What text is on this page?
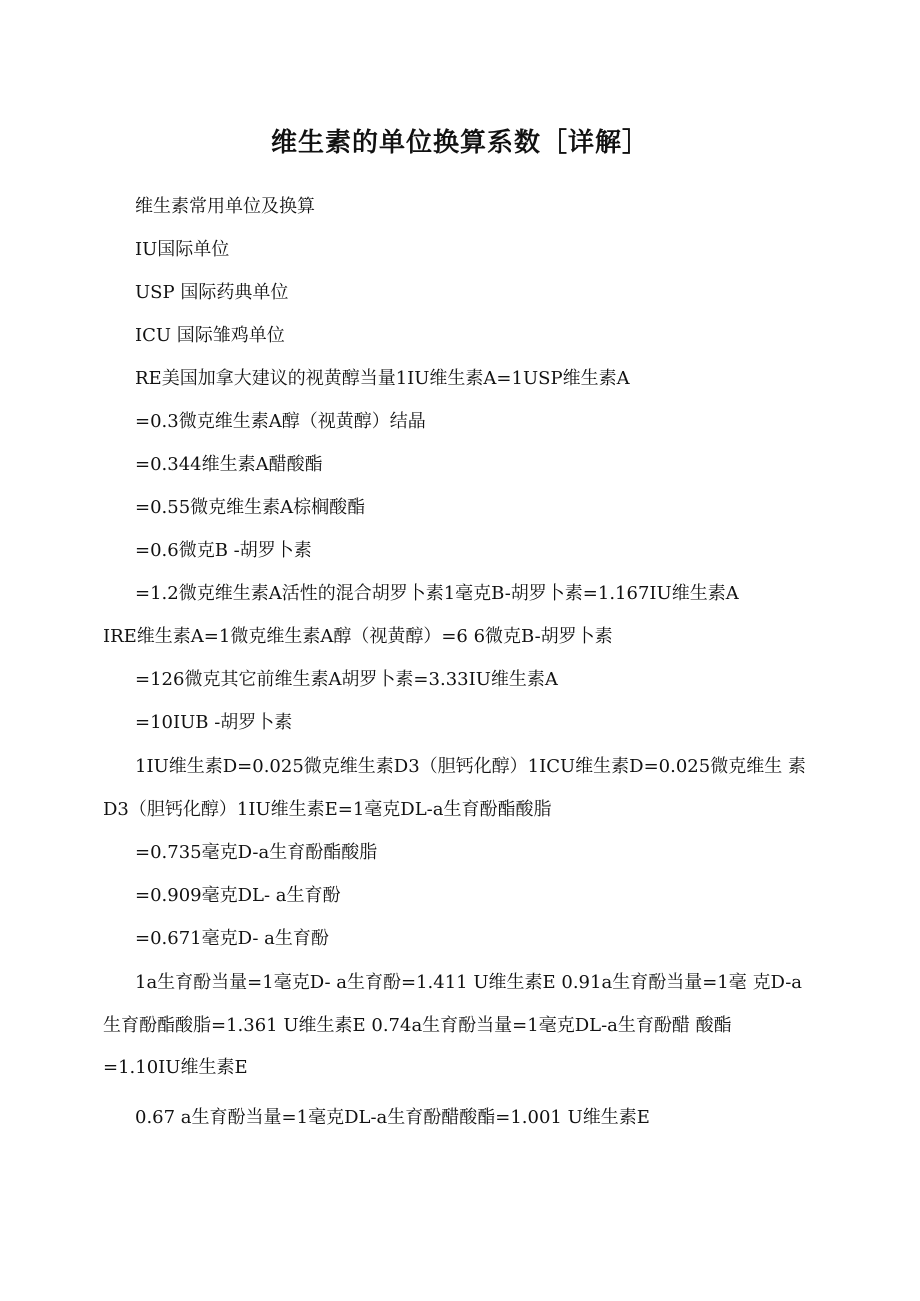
维生素的单位换算系数［详解］
维生素常用单位及换算
IU国际单位
USP 国际药典单位
ICU 国际雏鸡单位
RE美国加拿大建议的视黄醇当量1IU维生素A=1USP维生素A
=0.3微克维生素A醇（视黄醇）结晶
=0.344维生素A醋酸酯
=0.55微克维生素A棕榈酸酯
=0.6微克B -胡罗卜素
=1.2微克维生素A活性的混合胡罗卜素1毫克B-胡罗卜素=1.167IU维生素A
IRE维生素A=1微克维生素A醇（视黄醇）=6 6微克B-胡罗卜素
=126微克其它前维生素A胡罗卜素=3.33IU维生素A
=10IUB -胡罗卜素
1IU维生素D=0.025微克维生素D3（胆钙化醇）1ICU维生素D=0.025微克维生 素
D3（胆钙化醇）1IU维生素E=1毫克DL-a生育酚酯酸脂
=0.735毫克D-a生育酚酯酸脂
=0.909毫克DL- a生育酚
=0.671毫克D- a生育酚
1a生育酚当量=1毫克D- a生育酚=1.411 U维生素E 0.91a生育酚当量=1毫 克D-a
生育酚酯酸脂=1.361 U维生素E 0.74a生育酚当量=1毫克DL-a生育酚醋 酸酯
=1.10IU维生素E
0.67 a生育酚当量=1毫克DL-a生育酚醋酸酯=1.001 U维生素E
